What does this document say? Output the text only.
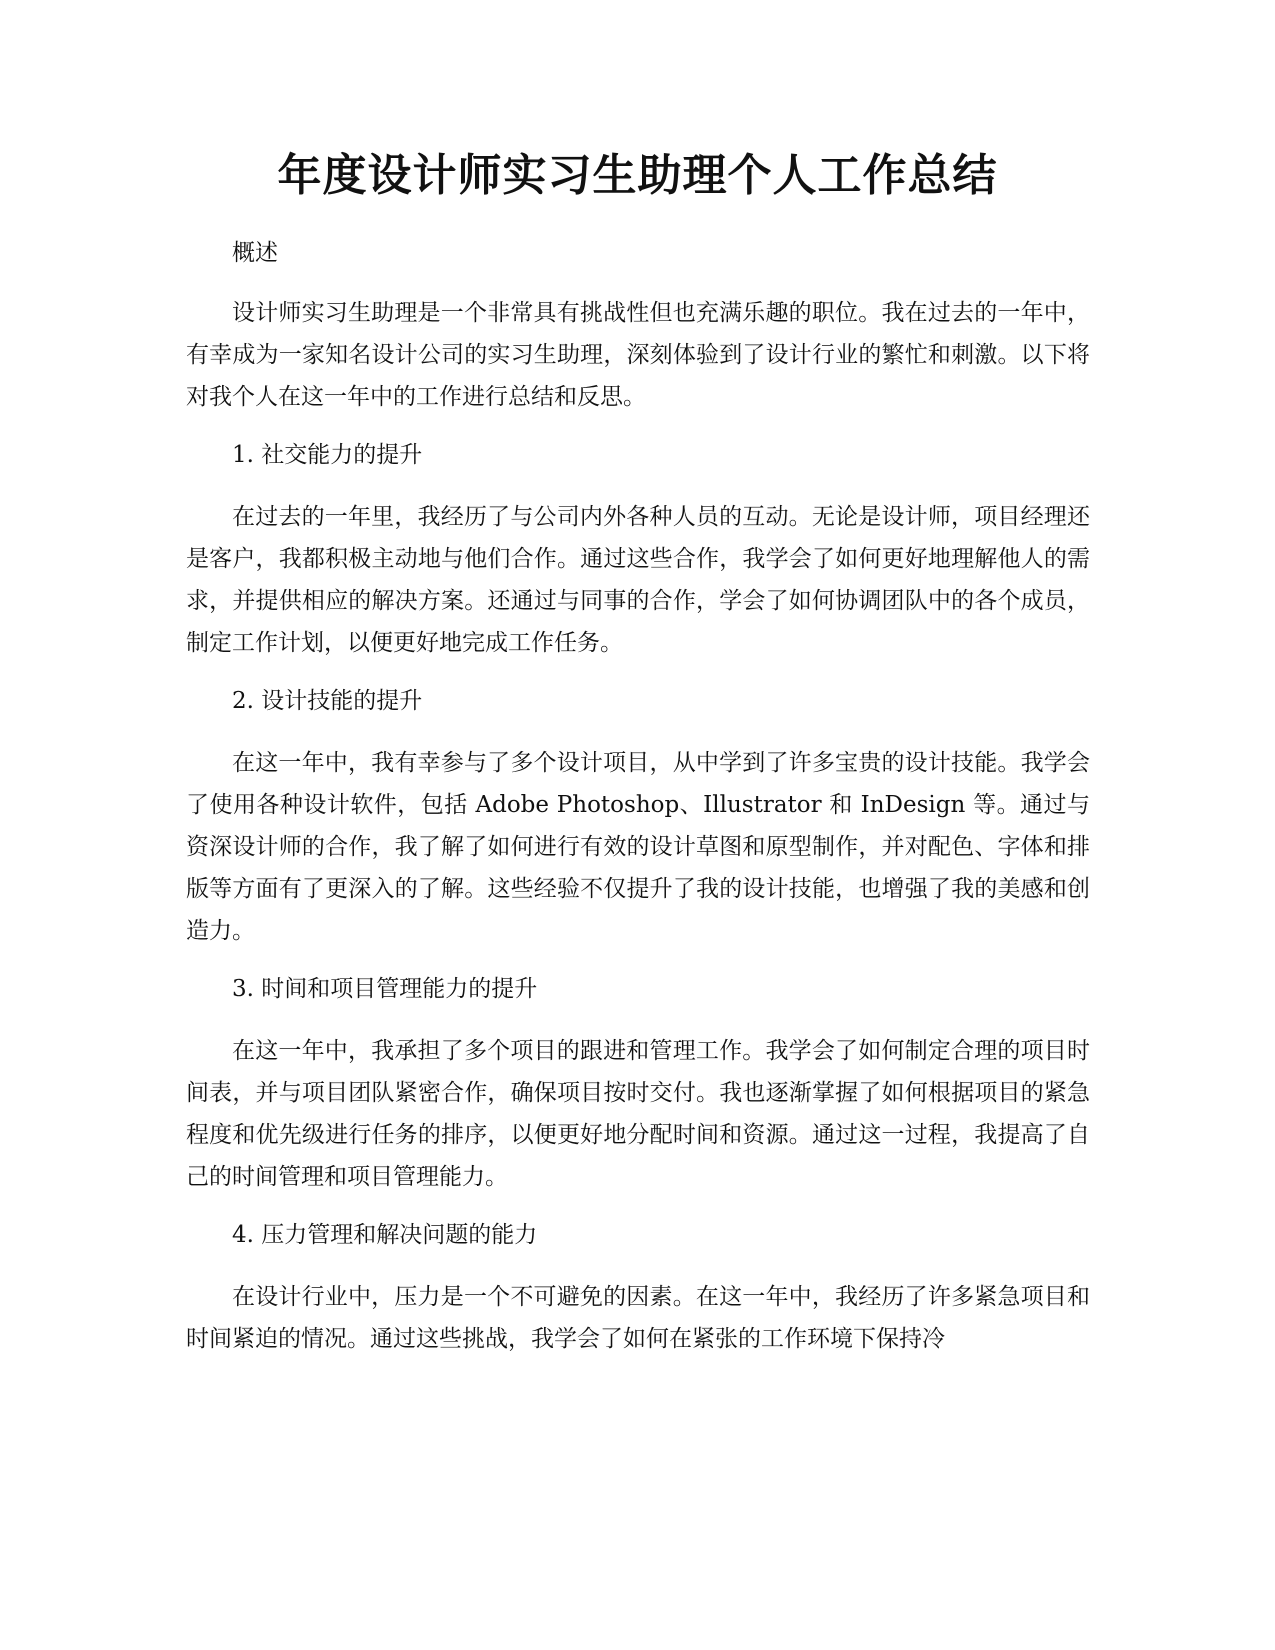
年度设计师实习生助理个人工作总结
概述
设计师实习生助理是一个非常具有挑战性但也充满乐趣的职位。我在过去的一年中，有幸成为一家知名设计公司的实习生助理，深刻体验到了设计行业的繁忙和刺激。以下将对我个人在这一年中的工作进行总结和反思。
1. 社交能力的提升
在过去的一年里，我经历了与公司内外各种人员的互动。无论是设计师，项目经理还是客户，我都积极主动地与他们合作。通过这些合作，我学会了如何更好地理解他人的需求，并提供相应的解决方案。还通过与同事的合作，学会了如何协调团队中的各个成员，制定工作计划，以便更好地完成工作任务。
2. 设计技能的提升
在这一年中，我有幸参与了多个设计项目，从中学到了许多宝贵的设计技能。我学会了使用各种设计软件，包括 Adobe Photoshop、Illustrator 和 InDesign 等。通过与资深设计师的合作，我了解了如何进行有效的设计草图和原型制作，并对配色、字体和排版等方面有了更深入的了解。这些经验不仅提升了我的设计技能，也增强了我的美感和创造力。
3. 时间和项目管理能力的提升
在这一年中，我承担了多个项目的跟进和管理工作。我学会了如何制定合理的项目时间表，并与项目团队紧密合作，确保项目按时交付。我也逐渐掌握了如何根据项目的紧急程度和优先级进行任务的排序，以便更好地分配时间和资源。通过这一过程，我提高了自己的时间管理和项目管理能力。
4. 压力管理和解决问题的能力
在设计行业中，压力是一个不可避免的因素。在这一年中，我经历了许多紧急项目和时间紧迫的情况。通过这些挑战，我学会了如何在紧张的工作环境下保持冷
